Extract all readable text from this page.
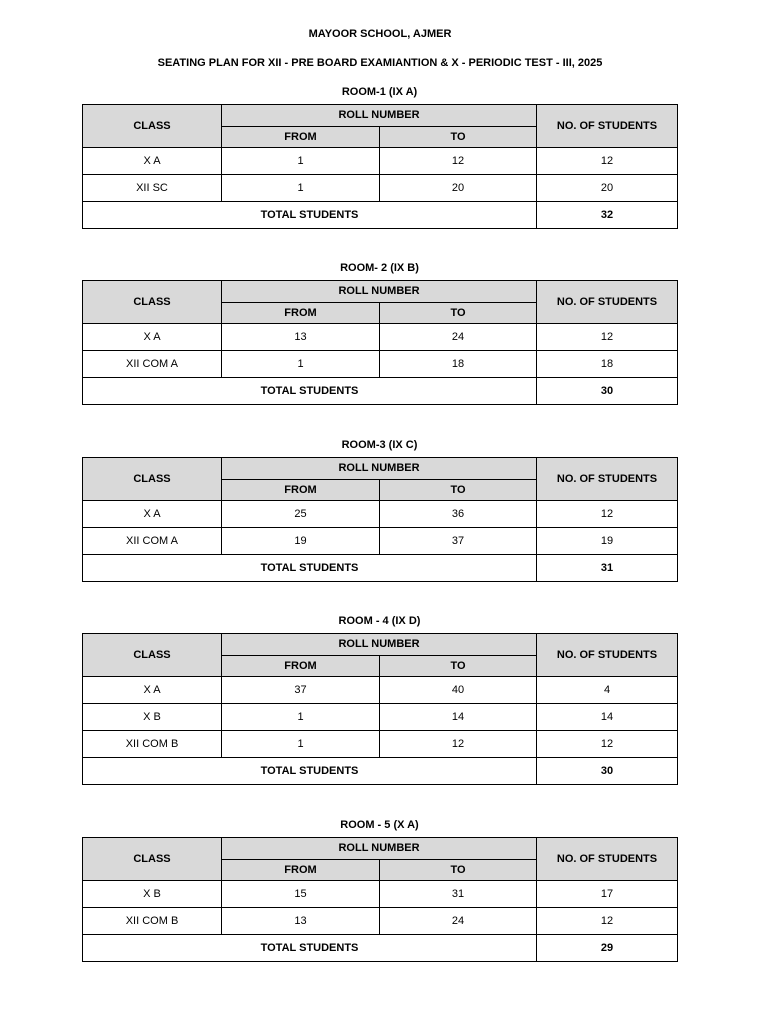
MAYOOR SCHOOL, AJMER
SEATING PLAN FOR XII - PRE BOARD EXAMIANTION & X - PERIODIC TEST - III, 2025
ROOM-1 (IX A)
CLASS	ROLL NUMBER		NO. OF STUDENTS
	FROM	TO	
X A	1	12	12
XII SC	1	20	20
TOTAL STUDENTS			32
ROOM- 2 (IX B)
CLASS	ROLL NUMBER		NO. OF STUDENTS
	FROM	TO	
X A	13	24	12
XII COM A	1	18	18
TOTAL STUDENTS			30
ROOM-3 (IX C)
CLASS	ROLL NUMBER		NO. OF STUDENTS
	FROM	TO	
X A	25	36	12
XII COM A	19	37	19
TOTAL STUDENTS			31
ROOM - 4 (IX D)
CLASS	ROLL NUMBER		NO. OF STUDENTS
	FROM	TO	
X A	37	40	4
X B	1	14	14
XII COM B	1	12	12
TOTAL STUDENTS			30
ROOM - 5 (X A)
CLASS	ROLL NUMBER		NO. OF STUDENTS
	FROM	TO	
X B	15	31	17
XII COM B	13	24	12
TOTAL STUDENTS			29
